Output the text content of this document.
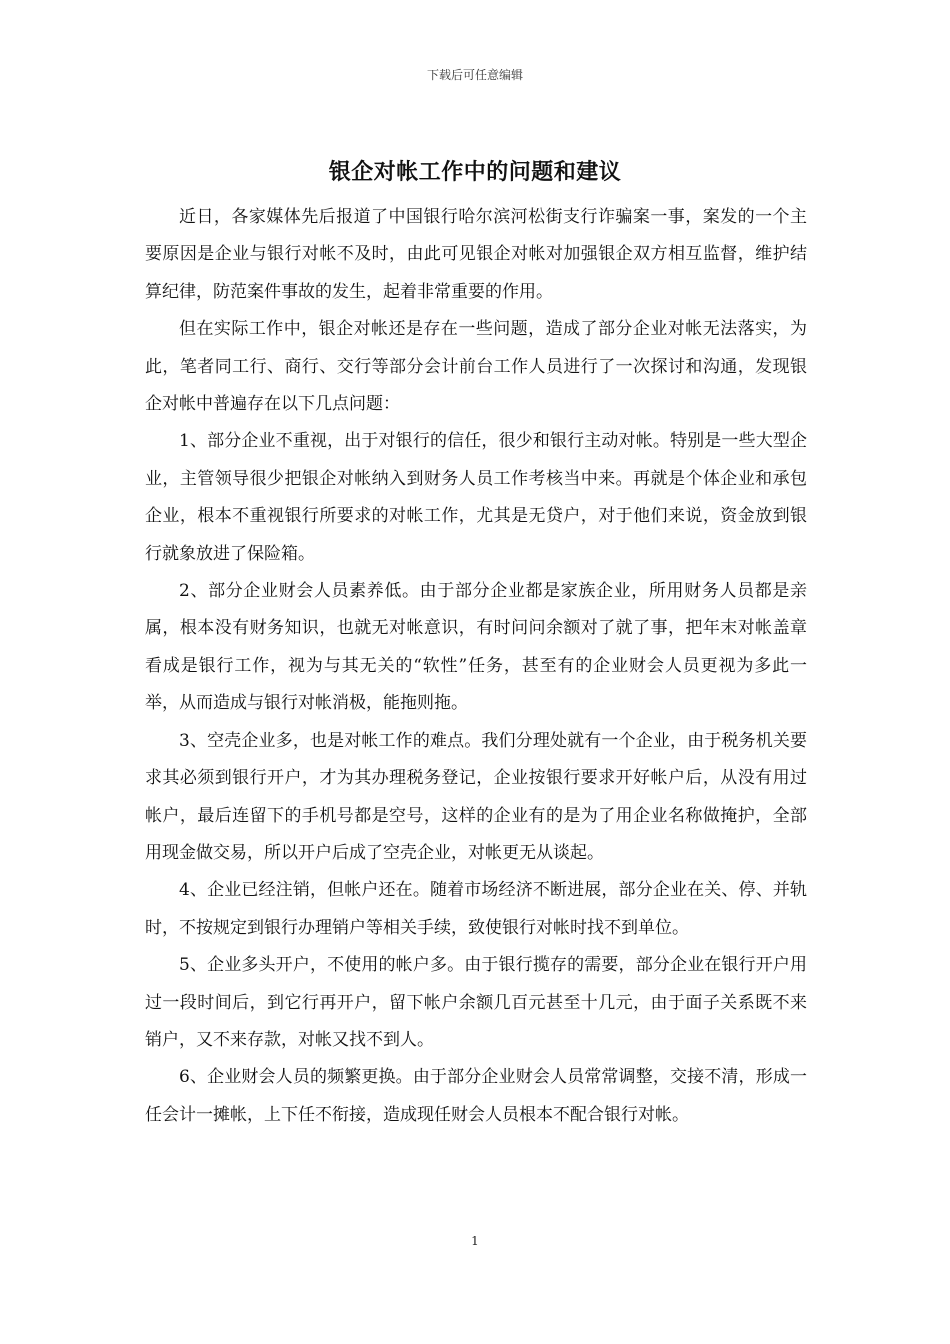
下载后可任意编辑
银企对帐工作中的问题和建议

近日，各家媒体先后报道了中国银行哈尔滨河松街支行诈骗案一事，案发的一个主要原因是企业与银行对帐不及时，由此可见银企对帐对加强银企双方相互监督，维护结算纪律，防范案件事故的发生，起着非常重要的作用。

但在实际工作中，银企对帐还是存在一些问题，造成了部分企业对帐无法落实，为此，笔者同工行、商行、交行等部分会计前台工作人员进行了一次探讨和沟通，发现银企对帐中普遍存在以下几点问题：

1、部分企业不重视，出于对银行的信任，很少和银行主动对帐。特别是一些大型企业，主管领导很少把银企对帐纳入到财务人员工作考核当中来。再就是个体企业和承包企业，根本不重视银行所要求的对帐工作，尤其是无贷户，对于他们来说，资金放到银行就象放进了保险箱。

2、部分企业财会人员素养低。由于部分企业都是家族企业，所用财务人员都是亲属，根本没有财务知识，也就无对帐意识，有时问问余额对了就了事，把年末对帐盖章看成是银行工作，视为与其无关的“软性”任务，甚至有的企业财会人员更视为多此一举，从而造成与银行对帐消极，能拖则拖。

3、空壳企业多，也是对帐工作的难点。我们分理处就有一个企业，由于税务机关要求其必须到银行开户，才为其办理税务登记，企业按银行要求开好帐户后，从没有用过帐户，最后连留下的手机号都是空号，这样的企业有的是为了用企业名称做掩护，全部用现金做交易，所以开户后成了空壳企业，对帐更无从谈起。

4、企业已经注销，但帐户还在。随着市场经济不断进展，部分企业在关、停、并轨时，不按规定到银行办理销户等相关手续，致使银行对帐时找不到单位。

5、企业多头开户，不使用的帐户多。由于银行揽存的需要，部分企业在银行开户用过一段时间后，到它行再开户，留下帐户余额几百元甚至十几元，由于面子关系既不来销户，又不来存款，对帐又找不到人。

6、企业财会人员的频繁更换。由于部分企业财会人员常常调整，交接不清，形成一任会计一摊帐，上下任不衔接，造成现任财会人员根本不配合银行对帐。

1
